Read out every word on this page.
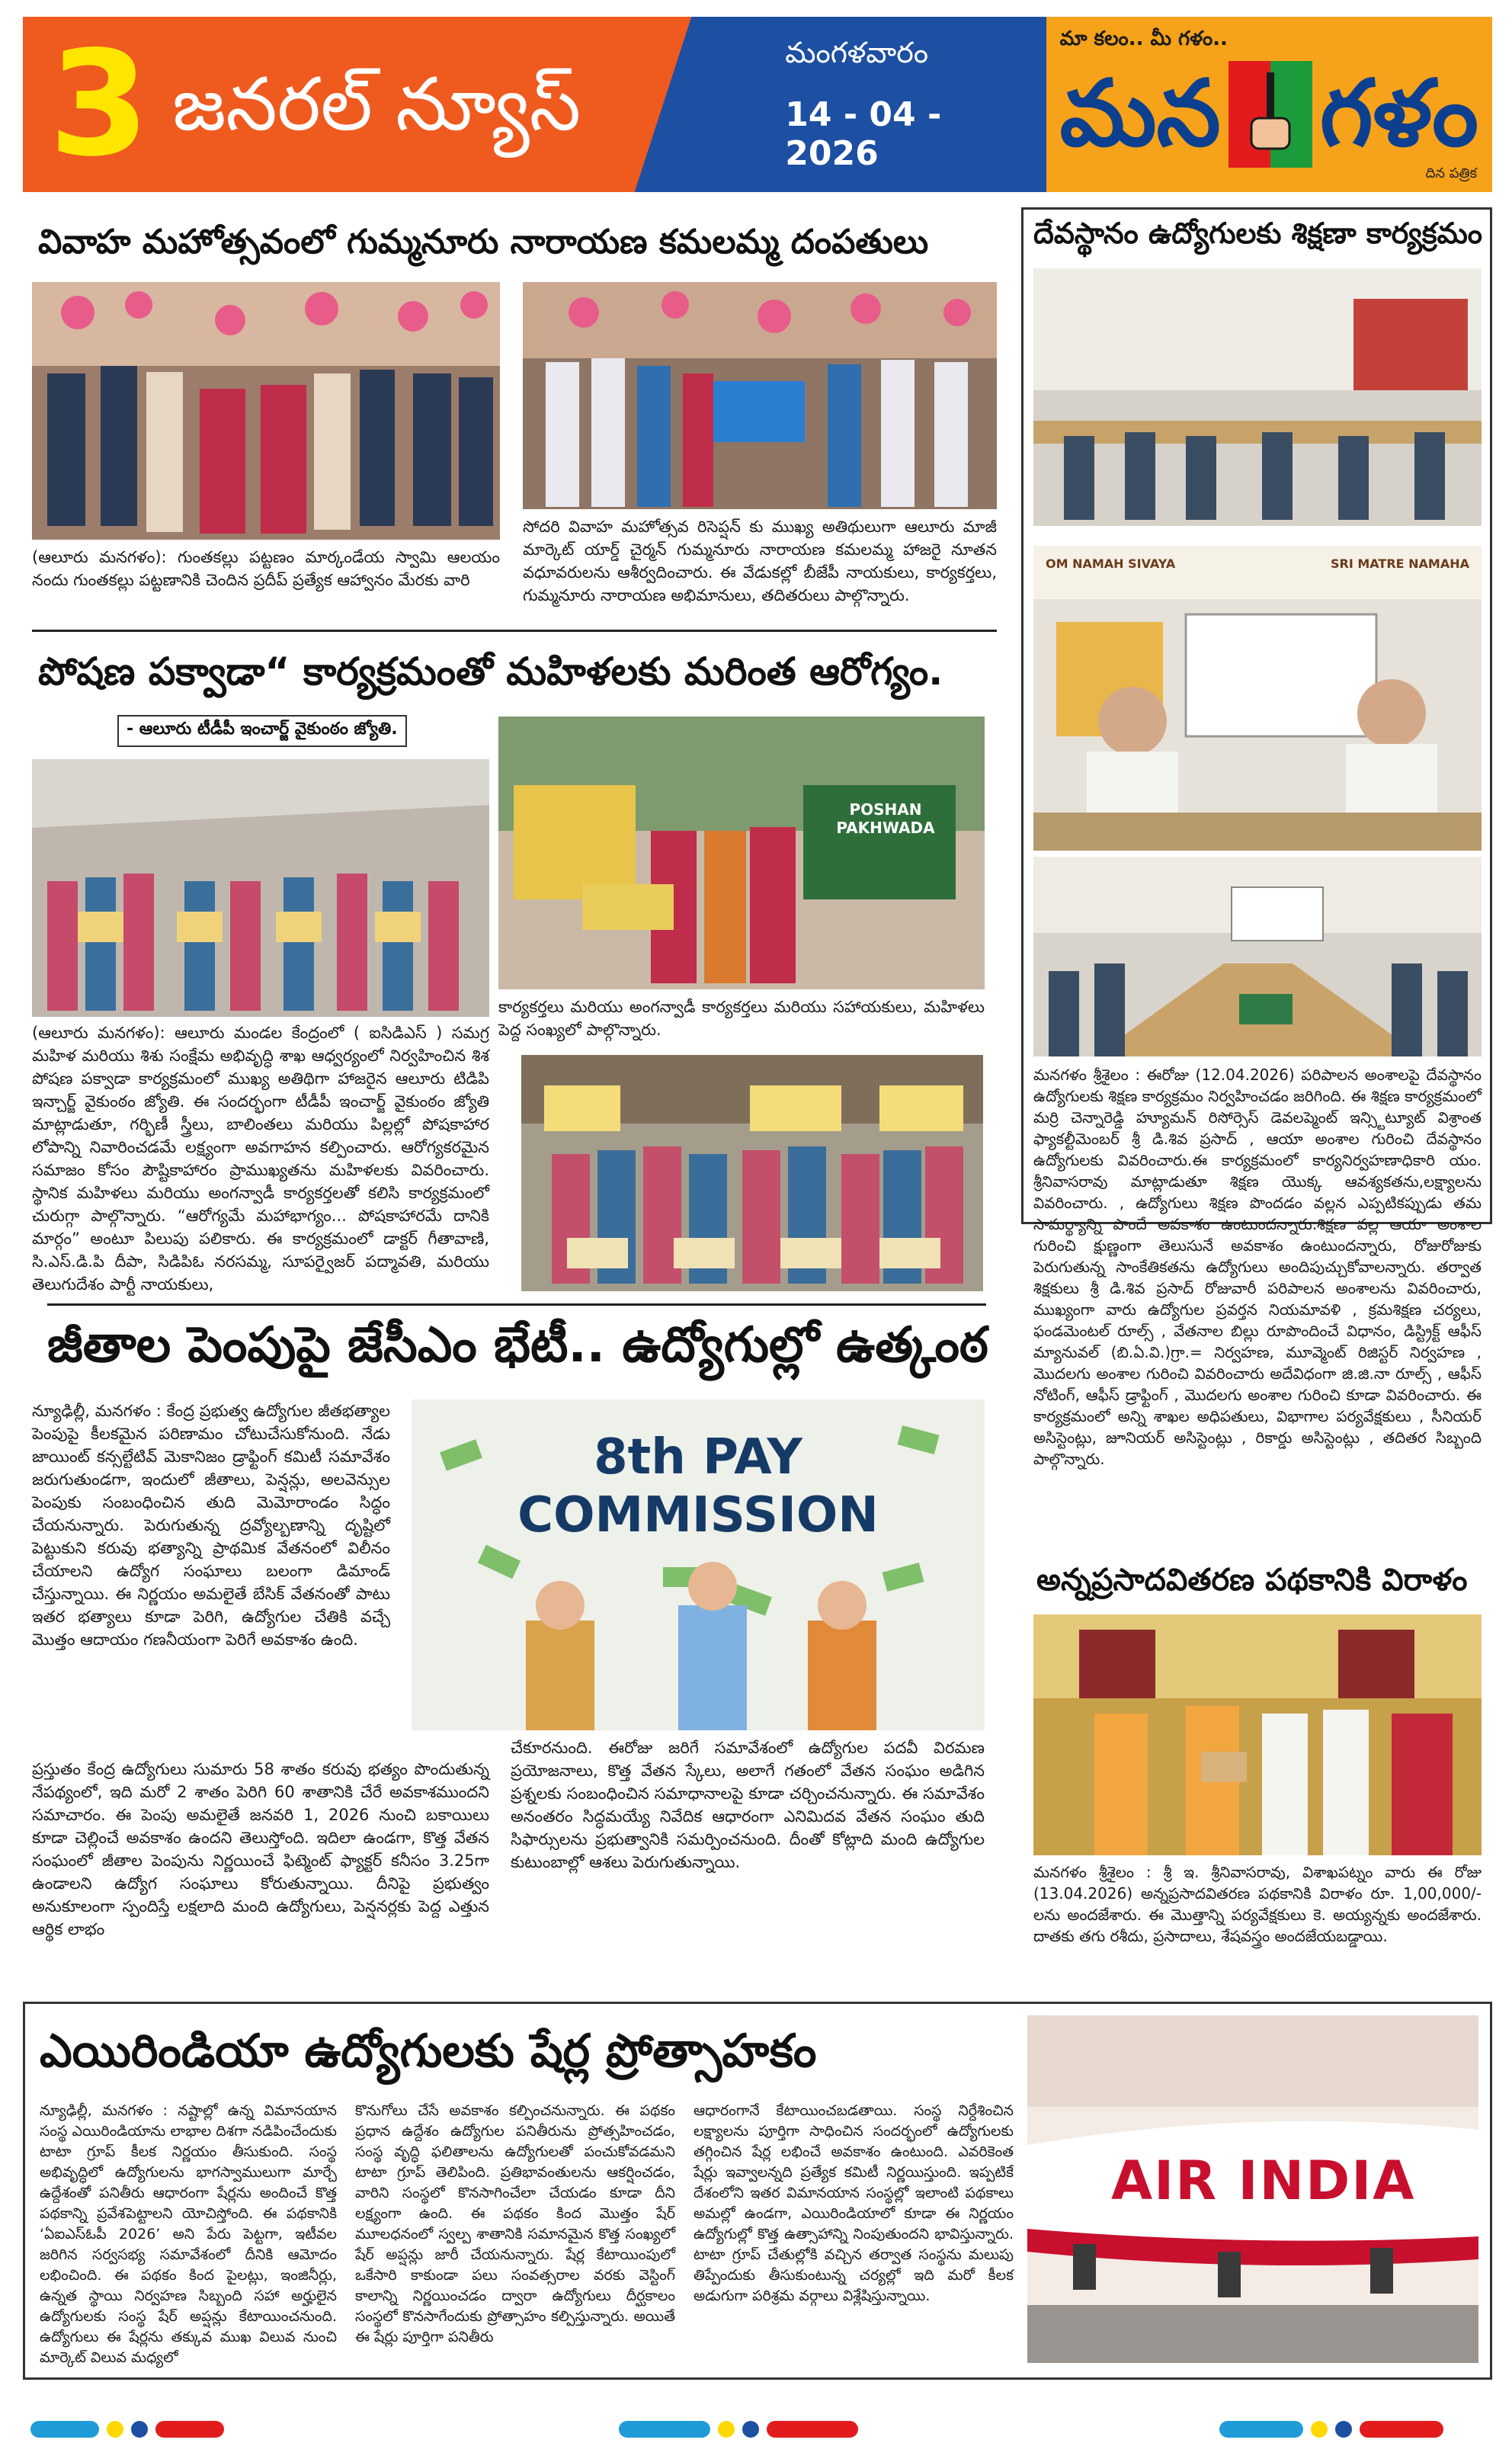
3 జనరల్ న్యూస్
మంగళవారం
14 - 04 - 2026
మా కలం.. మీ గళం..
మన గళం
దిన పత్రిక
వివాహ మహోత్సవంలో గుమ్మనూరు నారాయణ కమలమ్మ దంపతులు
(ఆలూరు మనగళం): గుంతకల్లు పట్టణం మార్కండేయ స్వామి ఆలయం నందు గుంతకల్లు పట్టణానికి చెందిన ప్రదీప్ ప్రత్యేక ఆహ్వానం మేరకు వారి
సోదరి వివాహ మహోత్సవ రిసెప్షన్ కు ముఖ్య అతిథులుగా ఆలూరు మాజీ మార్కెట్ యార్డ్ చైర్మన్ గుమ్మనూరు నారాయణ కమలమ్మ హాజరై నూతన వధూవరులను ఆశీర్వదించారు. ఈ వేడుకల్లో బీజేపీ నాయకులు, కార్యకర్తలు, గుమ్మనూరు నారాయణ అభిమానులు, తదితరులు పాల్గొన్నారు.
పోషణ పక్వాడా“ కార్యక్రమంతో మహిళలకు మరింత ఆరోగ్యం.
- ఆలూరు టీడీపీ ఇంచార్జ్ వైకుంఠం జ్యోతి.
POSHAN PAKHWADA
(ఆలూరు మనగళం): ఆలూరు మండల కేంద్రంలో ( ఐసిడిఎస్ ) సమగ్ర మహిళ మరియు శిశు సంక్షేమ అభివృద్ధి శాఖ ఆధ్వర్యంలో నిర్వహించిన శిశ పోషణ పక్వాడా కార్యక్రమంలో ముఖ్య అతిథిగా హాజరైన ఆలూరు టిడిపి ఇన్చార్జ్ వైకుంఠం జ్యోతి. ఈ సందర్భంగా టీడీపీ ఇంచార్జ్ వైకుంఠం జ్యోతి మాట్లాడుతూ, గర్భిణీ స్త్రీలు, బాలింతలు మరియు పిల్లల్లో పోషకాహార లోపాన్ని నివారించడమే లక్ష్యంగా అవగాహన కల్పించారు. ఆరోగ్యకరమైన సమాజం కోసం పౌష్టికాహారం ప్రాముఖ్యతను మహిళలకు వివరించారు. స్థానిక మహిళలు మరియు అంగన్వాడీ కార్యకర్తలతో కలిసి కార్యక్రమంలో చురుగ్గా పాల్గొన్నారు. “ఆరోగ్యమే మహాభాగ్యం... పోషకాహారమే దానికి మార్గం” అంటూ పిలుపు పలికారు. ఈ కార్యక్రమంలో డాక్టర్ గీతావాణి, సి.ఎస్.డి.పి దీపా, సిడిపిఓ నరసమ్మ, సూపర్వైజర్ పద్మావతి, మరియు తెలుగుదేశం పార్టీ నాయకులు,
కార్యకర్తలు మరియు అంగన్వాడీ కార్యకర్తలు మరియు సహాయకులు, మహిళలు పెద్ద సంఖ్యలో పాల్గొన్నారు.
జీతాల పెంపుపై జేసీఎం భేటీ.. ఉద్యోగుల్లో ఉత్కంఠ
న్యూఢిల్లీ, మనగళం : కేంద్ర ప్రభుత్వ ఉద్యోగుల జీతభత్యాల పెంపుపై కీలకమైన పరిణామం చోటుచేసుకోనుంది. నేడు జాయింట్ కన్సల్టేటివ్ మెకానిజం డ్రాఫ్టింగ్ కమిటీ సమావేశం జరుగుతుండగా, ఇందులో జీతాలు, పెన్షన్లు, అలవెన్సుల పెంపుకు సంబంధించిన తుది మెమోరాండం సిద్ధం చేయనున్నారు. పెరుగుతున్న ద్రవ్యోల్బణాన్ని దృష్టిలో పెట్టుకుని కరువు భత్యాన్ని ప్రాథమిక వేతనంలో విలీనం చేయాలని ఉద్యోగ సంఘాలు బలంగా డిమాండ్ చేస్తున్నాయి. ఈ నిర్ణయం అమలైతే బేసిక్ వేతనంతో పాటు ఇతర భత్యాలు కూడా పెరిగి, ఉద్యోగుల చేతికి వచ్చే మొత్తం ఆదాయం గణనీయంగా పెరిగే అవకాశం ఉంది.
ప్రస్తుతం కేంద్ర ఉద్యోగులు సుమారు 58 శాతం కరువు భత్యం పొందుతున్న నేపథ్యంలో, ఇది మరో 2 శాతం పెరిగి 60 శాతానికి చేరే అవకాశముందని సమాచారం. ఈ పెంపు అమలైతే జనవరి 1, 2026 నుంచి బకాయిలు కూడా చెల్లించే అవకాశం ఉందని తెలుస్తోంది. ఇదిలా ఉండగా, కొత్త వేతన సంఘంలో జీతాల పెంపును నిర్ణయించే ఫిట్మెంట్ ఫ్యాక్టర్ కనీసం 3.25గా ఉండాలని ఉద్యోగ సంఘాలు కోరుతున్నాయి. దీనిపై ప్రభుత్వం అనుకూలంగా స్పందిస్తే లక్షలాది మంది ఉద్యోగులు, పెన్షనర్లకు పెద్ద ఎత్తున ఆర్థిక లాభం
8th PAY
COMMISSION
చేకూరనుంది. ఈరోజు జరిగే సమావేశంలో ఉద్యోగుల పదవీ విరమణ ప్రయోజనాలు, కొత్త వేతన స్కేలు, అలాగే గతంలో వేతన సంఘం అడిగిన ప్రశ్నలకు సంబంధించిన సమాధానాలపై కూడా చర్చించనున్నారు. ఈ సమావేశం అనంతరం సిద్ధమయ్యే నివేదిక ఆధారంగా ఎనిమిదవ వేతన సంఘం తుది సిఫార్సులను ప్రభుత్వానికి సమర్పించనుంది. దీంతో కోట్లాది మంది ఉద్యోగుల కుటుంబాల్లో ఆశలు పెరుగుతున్నాయి.
దేవస్థానం ఉద్యోగులకు శిక్షణా కార్యక్రమం
OM NAMAH SIVAYA	SRI MATRE NAMAHA
మనగళం శ్రీశైలం : ఈరోజు (12.04.2026) పరిపాలన అంశాలపై దేవస్థానం ఉద్యోగులకు శిక్షణ కార్యక్రమం నిర్వహించడం జరిగింది. ఈ శిక్షణ కార్యక్రమంలో మర్రి చెన్నారెడ్డి హ్యూమన్ రిసోర్సెస్ డెవలప్మెంట్ ఇన్స్టిట్యూట్ విశ్రాంత ఫ్యాకల్టీమెంబర్ శ్రీ డి.శివ ప్రసాద్ , ఆయా అంశాల గురించి దేవస్థానం ఉద్యోగులకు వివరించారు.ఈ కార్యక్రమంలో కార్యనిర్వహణాధికారి యం. శ్రీనివాసరావు మాట్లాడుతూ శిక్షణ యొక్క ఆవశ్యకతను,లక్ష్యాలను వివరించారు. , ఉద్యోగులు శిక్షణ పొందడం వల్లన ఎప్పటికప్పుడు తమ సామర్థ్యాన్ని పొందే అవకాశం ఉంటుందన్నారు.శిక్షణ వల్ల ఆయా అంశాల గురించి క్షుణ్ణంగా తెలుసునే అవకాశం ఉంటుందన్నారు, రోజురోజుకు పెరుగుతున్న సాంకేతికతను ఉద్యోగులు అందిపుచ్చుకోవాలన్నారు. తర్వాత శిక్షకులు శ్రీ డి.శివ ప్రసాద్ రోజువారీ పరిపాలన అంశాలను వివరించారు, ముఖ్యంగా వారు ఉద్యోగుల ప్రవర్తన నియమావళి , క్రమశిక్షణ చర్యలు, ఫండమెంటల్ రూల్స్ , వేతనాల బిల్లు రూపొందించే విధానం, డిస్ట్రిక్ట్ ఆఫీస్ మ్యానువల్ (బి.ఏ.వి.)గ్రా.= నిర్వహణ, మూవ్మెంట్ రిజిస్టర్ నిర్వహణ , మొదలగు అంశాల గురించి వివరించారు అదేవిధంగా జి.జి.నా రూల్స్ , ఆఫీస్ నోటింగ్, ఆఫీస్ డ్రాఫ్టింగ్ , మొదలగు అంశాల గురించి కూడా వివరించారు. ఈ కార్యక్రమంలో అన్ని శాఖల అధిపతులు, విభాగాల పర్యవేక్షకులు , సీనియర్ అసిస్టెంట్లు, జూనియర్ అసిస్టెంట్లు , రికార్డు అసిస్టెంట్లు , తదితర సిబ్బంది పాల్గొన్నారు.
అన్నప్రసాదవితరణ పథకానికి విరాళం
మనగళం శ్రీశైలం : శ్రీ ఇ. శ్రీనివాసరావు, విశాఖపట్నం వారు ఈ రోజు (13.04.2026) అన్నప్రసాదవితరణ పథకానికి విరాళం రూ. 1,00,000/-లను అందజేశారు. ఈ మొత్తాన్ని పర్యవేక్షకులు కె. అయ్యన్నకు అందజేశారు. దాతకు తగు రశీదు, ప్రసాదాలు, శేషవస్త్రం అందజేయబడ్డాయి.
ఎయిరిండియా ఉద్యోగులకు షేర్ల ప్రోత్సాహకం
న్యూఢిల్లీ, మనగళం : నష్టాల్లో ఉన్న విమానయాన సంస్థ ఎయిరిండియాను లాభాల దిశగా నడిపించేందుకు టాటా గ్రూప్ కీలక నిర్ణయం తీసుకుంది. సంస్థ అభివృద్ధిలో ఉద్యోగులను భాగస్వాములుగా మార్చే ఉద్దేశంతో పనితీరు ఆధారంగా షేర్లను అందించే కొత్త పథకాన్ని ప్రవేశపెట్టాలని యోచిస్తోంది. ఈ పథకానికి ‘ఏఐఎస్ఓపీ 2026’ అని పేరు పెట్టగా, ఇటీవల జరిగిన సర్వసభ్య సమావేశంలో దీనికి ఆమోదం లభించింది. ఈ పథకం కింద పైలట్లు, ఇంజినీర్లు, ఉన్నత స్థాయి నిర్వహణ సిబ్బంది సహా అర్హులైన ఉద్యోగులకు సంస్థ షేర్ అప్షన్లు కేటాయించనుంది. ఉద్యోగులు ఈ షేర్లను తక్కువ ముఖ విలువ నుంచి మార్కెట్ విలువ మధ్యలో
కొనుగోలు చేసే అవకాశం కల్పించనున్నారు. ఈ పథకం ప్రధాన ఉద్దేశం ఉద్యోగుల పనితీరును ప్రోత్సహించడం, సంస్థ వృద్ధి ఫలితాలను ఉద్యోగులతో పంచుకోవడమని టాటా గ్రూప్ తెలిపింది. ప్రతిభావంతులను ఆకర్షించడం, వారిని సంస్థలో కొనసాగించేలా చేయడం కూడా దీని లక్ష్యంగా ఉంది. ఈ పథకం కింద మొత్తం షేర్ మూలధనంలో స్వల్ప శాతానికి సమానమైన కొత్త సంఖ్యలో షేర్ అప్షన్లు జారీ చేయనున్నారు. షేర్ల కేటాయింపులో ఒకేసారి కాకుండా పలు సంవత్సరాల వరకు వెస్టింగ్ కాలాన్ని నిర్ణయించడం ద్వారా ఉద్యోగులు దీర్ఘకాలం సంస్థలో కొనసాగేందుకు ప్రోత్సాహం కల్పిస్తున్నారు. అయితే ఈ షేర్లు పూర్తిగా పనితీరు
ఆధారంగానే కేటాయించబడతాయి. సంస్థ నిర్దేశించిన లక్ష్యాలను పూర్తిగా సాధించిన సందర్భంలో ఉద్యోగులకు తగ్గించిన షేర్ల లభించే అవకాశం ఉంటుంది. ఎవరికెంత షేర్లు ఇవ్వాలన్నది ప్రత్యేక కమిటీ నిర్ణయిస్తుంది. ఇప్పటికే దేశంలోని ఇతర విమానయాన సంస్థల్లో ఇలాంటి పథకాలు అమల్లో ఉండగా, ఎయిరిండియాలో కూడా ఈ నిర్ణయం ఉద్యోగుల్లో కొత్త ఉత్సాహాన్ని నింపుతుందని భావిస్తున్నారు. టాటా గ్రూప్ చేతుల్లోకి వచ్చిన తర్వాత సంస్థను మలుపు తిప్పేందుకు తీసుకుంటున్న చర్యల్లో ఇది మరో కీలక అడుగుగా పరిశ్రమ వర్గాలు విశ్లేషిస్తున్నాయి.
AIR INDIA
